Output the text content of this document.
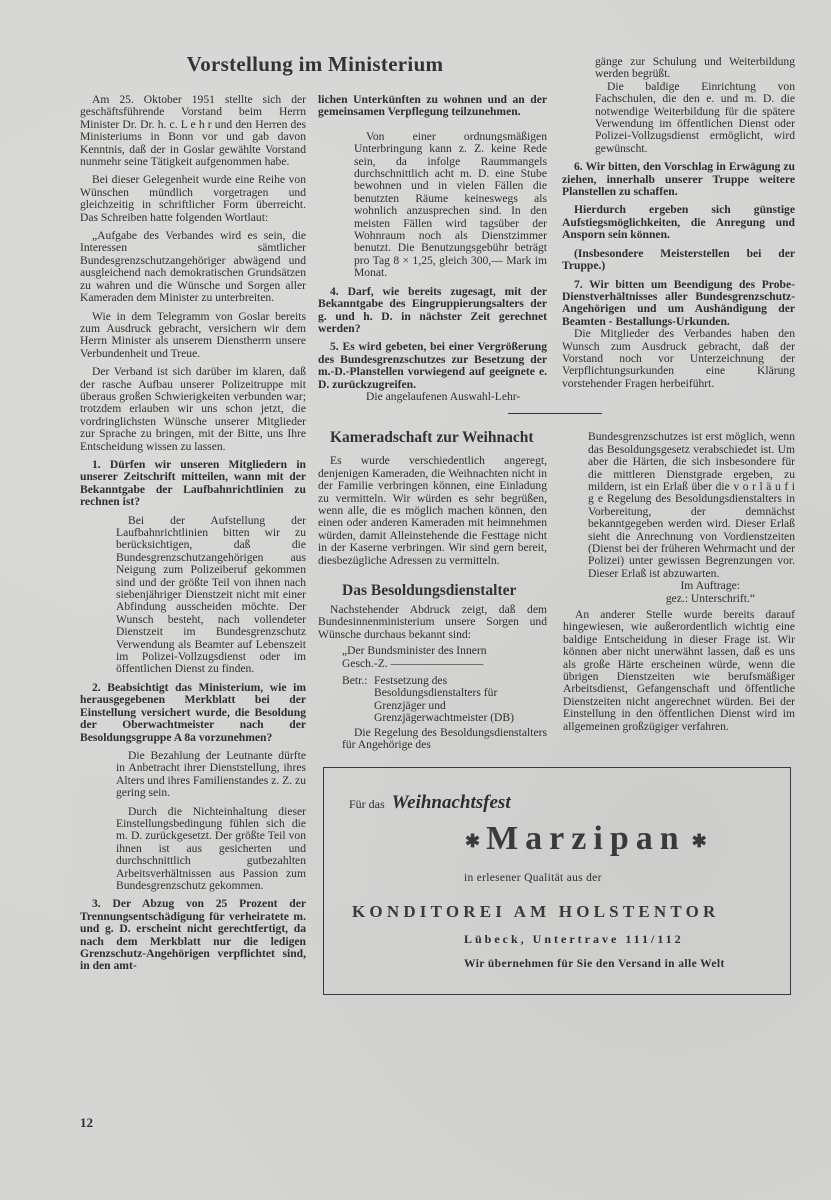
Vorstellung im Ministerium

Am 25. Oktober 1951 stellte sich der geschäftsführende Vorstand beim Herrn Minister Dr. Dr. h. c. L e h r und den Herren des Ministeriums in Bonn vor und gab davon Kenntnis, daß der in Goslar gewählte Vorstand nunmehr seine Tätigkeit aufgenommen habe.

Bei dieser Gelegenheit wurde eine Reihe von Wünschen mündlich vorgetragen und gleichzeitig in schriftlicher Form überreicht. Das Schreiben hatte folgenden Wortlaut:

„Aufgabe des Verbandes wird es sein, die Interessen sämtlicher Bundesgrenzschutzangehöriger abwägend und ausgleichend nach demokratischen Grundsätzen zu wahren und die Wünsche und Sorgen aller Kameraden dem Minister zu unterbreiten.

Wie in dem Telegramm von Goslar bereits zum Ausdruck gebracht, versichern wir dem Herrn Minister als unserem Dienstherrn unsere Verbundenheit und Treue.

Der Verband ist sich darüber im klaren, daß der rasche Aufbau unserer Polizeitruppe mit überaus großen Schwierigkeiten verbunden war; trotzdem erlauben wir uns schon jetzt, die vordringlichsten Wünsche unserer Mitglieder zur Sprache zu bringen, mit der Bitte, uns Ihre Entscheidung wissen zu lassen.

1. Dürfen wir unseren Mitgliedern in unserer Zeitschrift mitteilen, wann mit der Bekanntgabe der Laufbahnrichtlinien zu rechnen ist?

Bei der Aufstellung der Laufbahnrichtlinien bitten wir zu berücksichtigen, daß die Bundesgrenzschutzangehörigen aus Neigung zum Polizeiberuf gekommen sind und der größte Teil von ihnen nach siebenjähriger Dienstzeit nicht mit einer Abfindung ausscheiden möchte. Der Wunsch besteht, nach vollendeter Dienstzeit im Bundesgrenzschutz Verwendung als Beamter auf Lebenszeit im Polizei-Vollzugsdienst oder im öffentlichen Dienst zu finden.

2. Beabsichtigt das Ministerium, wie im herausgegebenen Merkblatt bei der Einstellung versichert wurde, die Besoldung der Oberwachtmeister nach der Besoldungsgruppe A 8a vorzunehmen?

Die Bezahlung der Leutnante dürfte in Anbetracht ihrer Dienststellung, ihres Alters und ihres Familienstandes z. Z. zu gering sein.

Durch die Nichteinhaltung dieser Einstellungsbedingung fühlen sich die m. D. zurückgesetzt. Der größte Teil von ihnen ist aus gesicherten und durchschnittlich gutbezahlten Arbeitsverhältnissen aus Passion zum Bundesgrenzschutz gekommen.

3. Der Abzug von 25 Prozent der Trennungsentschädigung für verheiratete m. und g. D. erscheint nicht gerechtfertigt, da nach dem Merkblatt nur die ledigen Grenzschutz-Angehörigen verpflichtet sind, in den amt-

12

lichen Unterkünften zu wohnen und an der gemeinsamen Verpflegung teilzunehmen.

Von einer ordnungsmäßigen Unterbringung kann z. Z. keine Rede sein, da infolge Raummangels durchschnittlich acht m. D. eine Stube bewohnen und in vielen Fällen die benutzten Räume keineswegs als wohnlich anzusprechen sind. In den meisten Fällen wird tagsüber der Wohnraum noch als Dienstzimmer benutzt. Die Benutzungsgebühr beträgt pro Tag 8 × 1,25, gleich 300,— Mark im Monat.

4. Darf, wie bereits zugesagt, mit der Bekanntgabe des Eingruppierungsalters der g. und h. D. in nächster Zeit gerechnet werden?

5. Es wird gebeten, bei einer Vergrößerung des Bundesgrenzschutzes zur Besetzung der m.-D.-Planstellen vorwiegend auf geeignete e. D. zurückzugreifen.

Die angelaufenen Auswahl-Lehr-

gänge zur Schulung und Weiterbildung werden begrüßt.

Die baldige Einrichtung von Fachschulen, die den e. und m. D. die notwendige Weiterbildung für die spätere Verwendung im öffentlichen Dienst oder Polizei-Vollzugsdienst ermöglicht, wird gewünscht.

6. Wir bitten, den Vorschlag in Erwägung zu ziehen, innerhalb unserer Truppe weitere Planstellen zu schaffen.

Hierdurch ergeben sich günstige Aufstiegsmöglichkeiten, die Anregung und Ansporn sein können.

(Insbesondere Meisterstellen bei der Truppe.)

7. Wir bitten um Beendigung des Probe-Dienstverhältnisses aller Bundesgrenzschutz-Angehörigen und um Aushändigung der Beamten - Bestallungs-Urkunden.

Die Mitglieder des Verbandes haben den Wunsch zum Ausdruck gebracht, daß der Vorstand noch vor Unterzeichnung der Verpflichtungsurkunden eine Klärung vorstehender Fragen herbeiführt.

Kameradschaft zur Weihnacht

Es wurde verschiedentlich angeregt, denjenigen Kameraden, die Weihnachten nicht in der Familie verbringen können, eine Einladung zu vermitteln. Wir würden es sehr begrüßen, wenn alle, die es möglich machen können, den einen oder anderen Kameraden mit heimnehmen würden, damit Alleinstehende die Festtage nicht in der Kaserne verbringen. Wir sind gern bereit, diesbezügliche Adressen zu vermitteln.

Das Besoldungsdienstalter

Nachstehender Abdruck zeigt, daß dem Bundesinnenministerium unsere Sorgen und Wünsche durchaus bekannt sind:

„Der Bundsminister des Innern
Gesch.-Z. ————————
Betr.: Festsetzung des Besoldungsdienstalters für Grenzjäger und Grenzjägerwachtmeister (DB)

Die Regelung des Besoldungsdienstalters für Angehörige des

Bundesgrenzschutzes ist erst möglich, wenn das Besoldungsgesetz verabschiedet ist. Um aber die Härten, die sich insbesondere für die mittleren Dienstgrade ergeben, zu mildern, ist ein Erlaß über die v o r l ä u f i g e Regelung des Besoldungsdienstalters in Vorbereitung, der demnächst bekanntgegeben werden wird. Dieser Erlaß sieht die Anrechnung von Vordienstzeiten (Dienst bei der früheren Wehrmacht und der Polizei) unter gewissen Begrenzungen vor. Dieser Erlaß ist abzuwarten.

Im Auftrage:
gez.: Unterschrift.“

An anderer Stelle wurde bereits darauf hingewiesen, wie außerordentlich wichtig eine baldige Entscheidung in dieser Frage ist. Wir können aber nicht unerwähnt lassen, daß es uns als große Härte erscheinen würde, wenn die übrigen Dienstzeiten wie berufsmäßiger Arbeitsdienst, Gefangenschaft und öffentliche Dienstzeiten nicht angerechnet würden. Bei der Einstellung in den öffentlichen Dienst wird im allgemeinen großzügiger verfahren.

Für das Weihnachtsfest
✱ Marzipan ✱
in erlesener Qualität aus der
KONDITOREI AM HOLSTENTOR
Lübeck, Untertrave 111/112
Wir übernehmen für Sie den Versand in alle Welt
